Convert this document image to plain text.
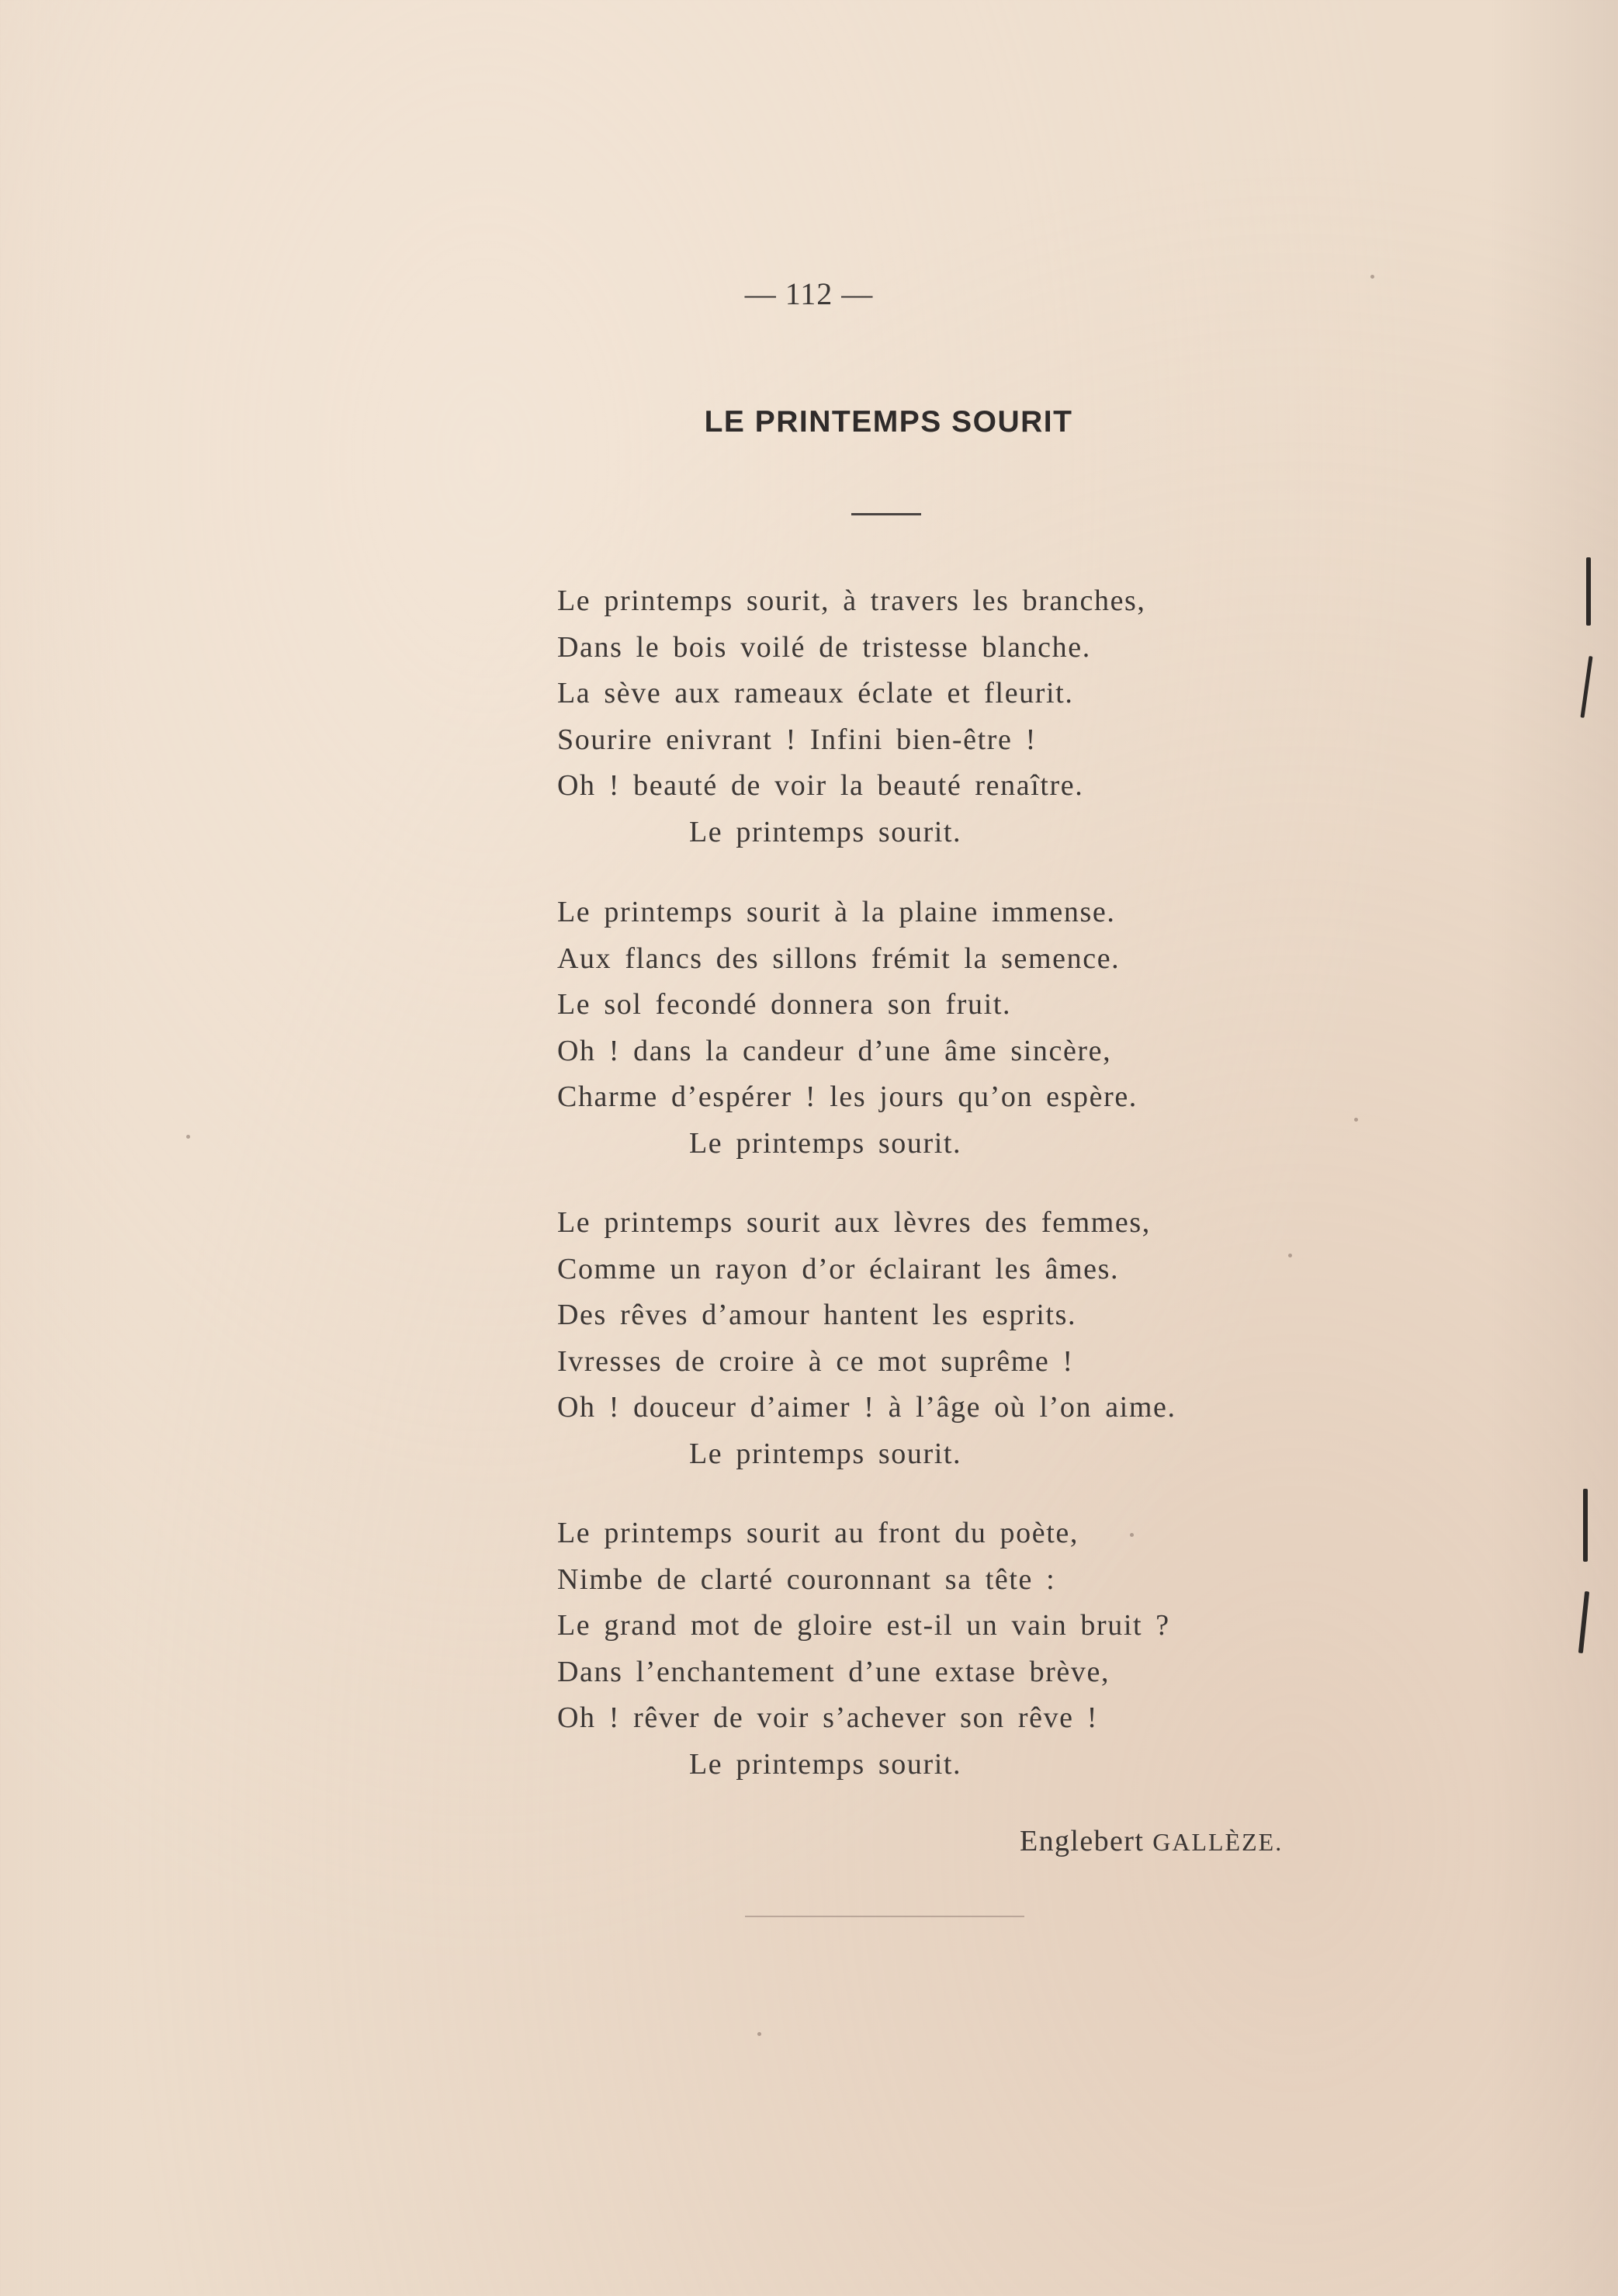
— 112 —
LE PRINTEMPS SOURIT
Le printemps sourit, à travers les branches,
Dans le bois voilé de tristesse blanche.
La sève aux rameaux éclate et fleurit.
Sourire enivrant ! Infini bien-être !
Oh ! beauté de voir la beauté renaître.
Le printemps sourit.
Le printemps sourit à la plaine immense.
Aux flancs des sillons frémit la semence.
Le sol fecondé donnera son fruit.
Oh ! dans la candeur d’une âme sincère,
Charme d’espérer ! les jours qu’on espère.
Le printemps sourit.
Le printemps sourit aux lèvres des femmes,
Comme un rayon d’or éclairant les âmes.
Des rêves d’amour hantent les esprits.
Ivresses de croire à ce mot suprême !
Oh ! douceur d’aimer ! à l’âge où l’on aime.
Le printemps sourit.
Le printemps sourit au front du poète,
Nimbe de clarté couronnant sa tête :
Le grand mot de gloire est-il un vain bruit ?
Dans l’enchantement d’une extase brève,
Oh ! rêver de voir s’achever son rêve !
Le printemps sourit.
Englebert GALLÈZE.
